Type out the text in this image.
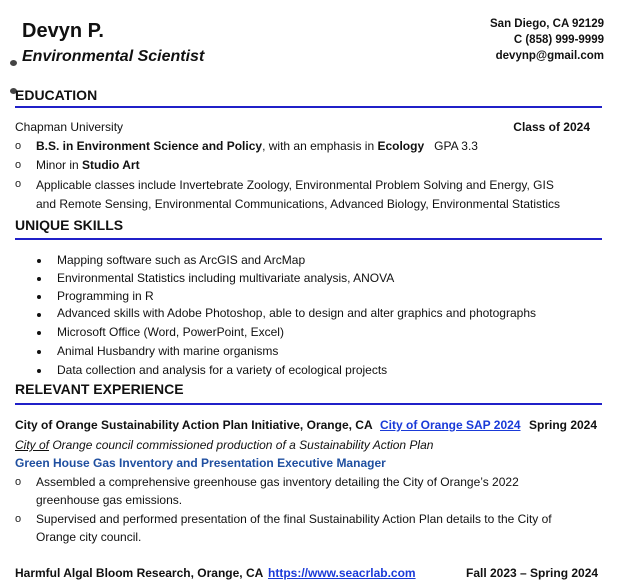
Devyn P.
Environmental Scientist
San Diego, CA 92129
C (858) 999-9999
devynp@gmail.com
EDUCATION
Chapman University	Class of 2024
o B.S. in Environment Science and Policy, with an emphasis in Ecology GPA 3.3
o Minor in Studio Art
o Applicable classes include Invertebrate Zoology, Environmental Problem Solving and Energy, GIS
and Remote Sensing, Environmental Communications, Advanced Biology, Environmental Statistics
UNIQUE SKILLS
Mapping software such as ArcGIS and ArcMap
Environmental Statistics including multivariate analysis, ANOVA
Programming in R
Advanced skills with Adobe Photoshop, able to design and alter graphics and photographs
Microsoft Office (Word, PowerPoint, Excel)
Animal Husbandry with marine organisms
Data collection and analysis for a variety of ecological projects
RELEVANT EXPERIENCE
City of Orange Sustainability Action Plan Initiative, Orange, CA City of Orange SAP 2024 Spring 2024
City of Orange council commissioned production of a Sustainability Action Plan
Green House Gas Inventory and Presentation Executive Manager
o Assembled a comprehensive greenhouse gas inventory detailing the City of Orange’s 2022
greenhouse gas emissions.
o Supervised and performed presentation of the final Sustainability Action Plan details to the City of
Orange city council.
Harmful Algal Bloom Research, Orange, CA https://www.seacrlab.com	Fall 2023 – Spring 2024
